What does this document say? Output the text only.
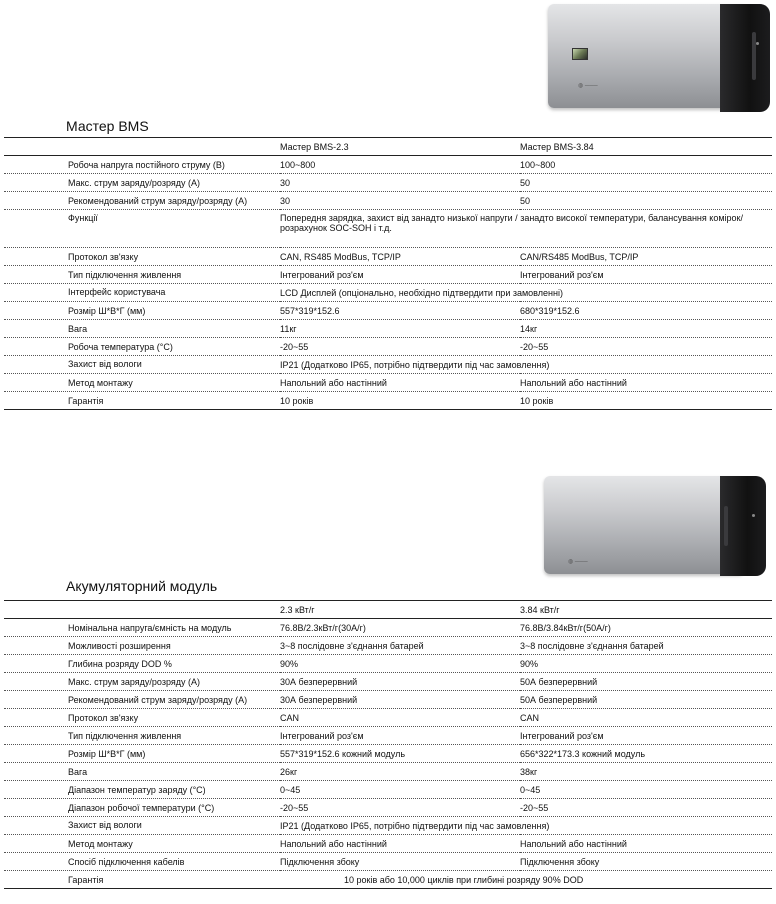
◍ ───
Мастер BMS
	Мастер BMS-2.3	Мастер BMS-3.84
Робоча напруга постійного струму (В)	100~800	100~800
Макс. струм заряду/розряду (А)	30	50
Рекомендований струм заряду/розряду (А)	30	50
Функції	Попередня зарядка, захист від занадто низької напруги / занадто високої температури, балансування комірок/ розрахунок SOC-SOH і т.д.	
Протокол зв'язку	CAN, RS485 ModBus, TCP/IP	CAN/RS485 ModBus, TCP/IP
Тип підключення живлення	Інтегрований роз'єм	Інтегрований роз'єм
Інтерфейс користувача	LCD Дисплей (опціонально, необхідно підтвердити при замовленні)	
Розмір Ш*В*Г (мм)	557*319*152.6	680*319*152.6
Вага	11кг	14кг
Робоча температура (°C)	-20~55	-20~55
Захист від вологи	IP21 (Додатково IP65, потрібно підтвердити під час замовлення)	
Метод монтажу	Напольний або настінний	Напольний або настінний
Гарантія	10 років	10 років
◍ ───
Акумуляторний модуль
	2.3 кВт/г	3.84 кВт/г
Номінальна напруга/ємність на модуль	76.8В/2.3кВт/г(30А/г)	76.8В/3.84кВт/г(50А/г)
Можливості розширення	3~8 послідовне з'єднання батарей	3~8 послідовне з'єднання батарей
Глибина розряду DOD %	90%	90%
Макс. струм заряду/розряду (А)	30А безперервний	50А безперервний
Рекомендований струм заряду/розряду (А)	30А безперервний	50А безперервний
Протокол зв'язку	CAN	CAN
Тип підключення живлення	Інтегрований роз'єм	Інтегрований роз'єм
Розмір Ш*В*Г (мм)	557*319*152.6 кожний модуль	656*322*173.3 кожний модуль
Вага	26кг	38кг
Діапазон температур заряду (°C)	0~45	0~45
Діапазон робочої температури (°C)	-20~55	-20~55
Захист від вологи	IP21 (Додатково IP65, потрібно підтвердити під час замовлення)	
Метод монтажу	Напольний або настінний	Напольний або настінний
Спосіб підключення кабелів	Підключення збоку	Підключення збоку
Гарантія	10 років або 10,000 циклів при глибині розряду 90% DOD	
